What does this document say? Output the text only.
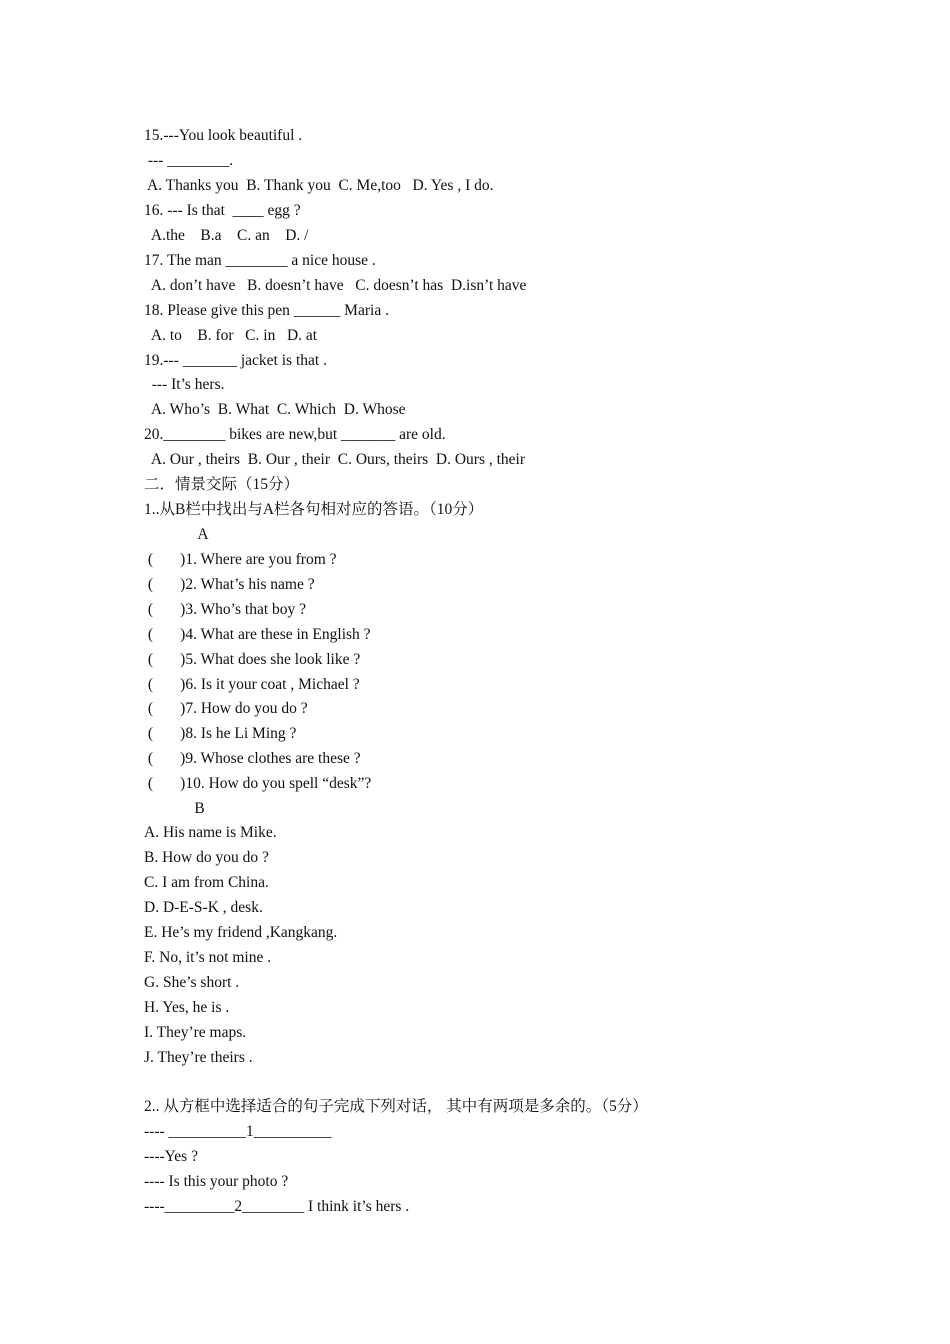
15.---You look beautiful .

--- ________.

A. Thanks you  B. Thank you  C. Me,too   D. Yes , I do.

16. --- Is that  ____ egg ?

A.the    B.a    C. an    D. /

17. The man ________ a nice house .

A. don’t have   B. doesn’t have   C. doesn’t has  D.isn’t have

18. Please give this pen ______ Maria .

A. to    B. for   C. in   D. at

19.--- _______ jacket is that .

--- It’s hers.

A. Who’s  B. What  C. Which  D. Whose

20.________ bikes are new,but _______ are old.

A. Our , theirs  B. Our , their  C. Ours, theirs  D. Ours , their

二．情景交际（15分）

1..从B栏中找出与A栏各句相对应的答语。（10分）

A

(       )1. Where are you from ?

(       )2. What’s his name ?

(       )3. Who’s that boy ?

(       )4. What are these in English ?

(       )5. What does she look like ?

(       )6. Is it your coat , Michael ?

(       )7. How do you do ?

(       )8. Is he Li Ming ?

(       )9. Whose clothes are these ?

(       )10. How do you spell “desk”?

B

A. His name is Mike.

B. How do you do ?

C. I am from China.

D. D-E-S-K , desk.

E. He’s my fridend ,Kangkang.

F. No, it’s not mine .

G. She’s short .

H. Yes, he is .

I. They’re maps.

J. They’re theirs .

2.. 从方框中选择适合的句子完成下列对话， 其中有两项是多余的。（5分）

---- __________1__________

----Yes ?

---- Is this your photo ?

----_________2________ I think it’s hers .
